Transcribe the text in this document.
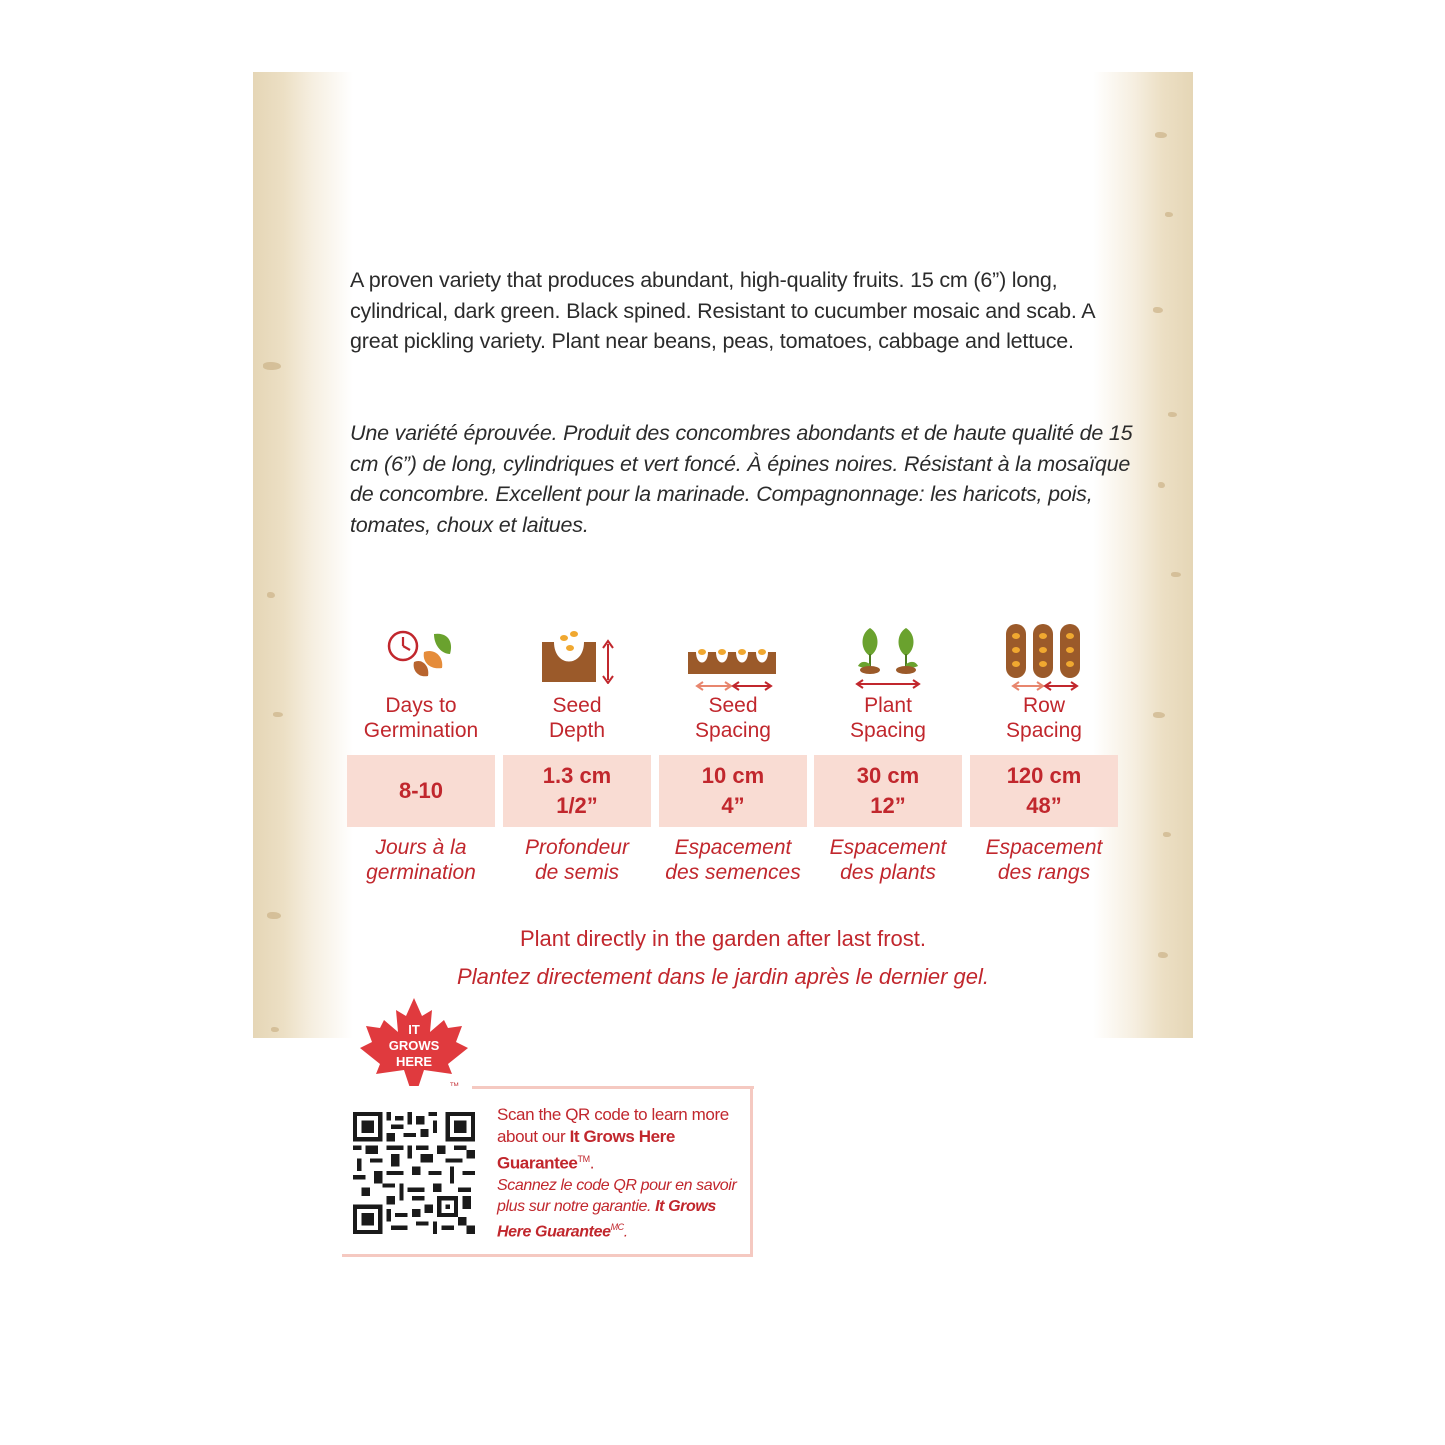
A proven variety that produces abundant, high-quality fruits. 15 cm (6”) long, cylindrical, dark green. Black spined. Resistant to cucumber mosaic and scab. A great pickling variety. Plant near beans, peas, tomatoes, cabbage and lettuce.

Une variété éprouvée. Produit des concombres abondants et de haute qualité de 15 cm (6”) de long, cylindriques et vert foncé. À épines noires. Résistant à la mosaïque de concombre. Excellent pour la marinade. Compagnonnage: les haricots, pois, tomates, choux et laitues.

Days to
Germination
8-10
Jours à la
germination
Seed
Depth
1.3 cm
1/2”
Profondeur
de semis
Seed
Spacing
10 cm
4”
Espacement
des semences
Plant
Spacing
30 cm
12”
Espacement
des plants
Row
Spacing
120 cm
48”
Espacement
des rangs

Plant directly in the garden after last frost.

Plantez directement dans le jardin après le dernier gel.

IT
GROWS
HERE
Scan the QR code to learn more about our It Grows Here Guarantee™.
Scannez le code QR pour en savoir plus sur notre garantie. It Grows Here Guarantee$^{MC}$.
